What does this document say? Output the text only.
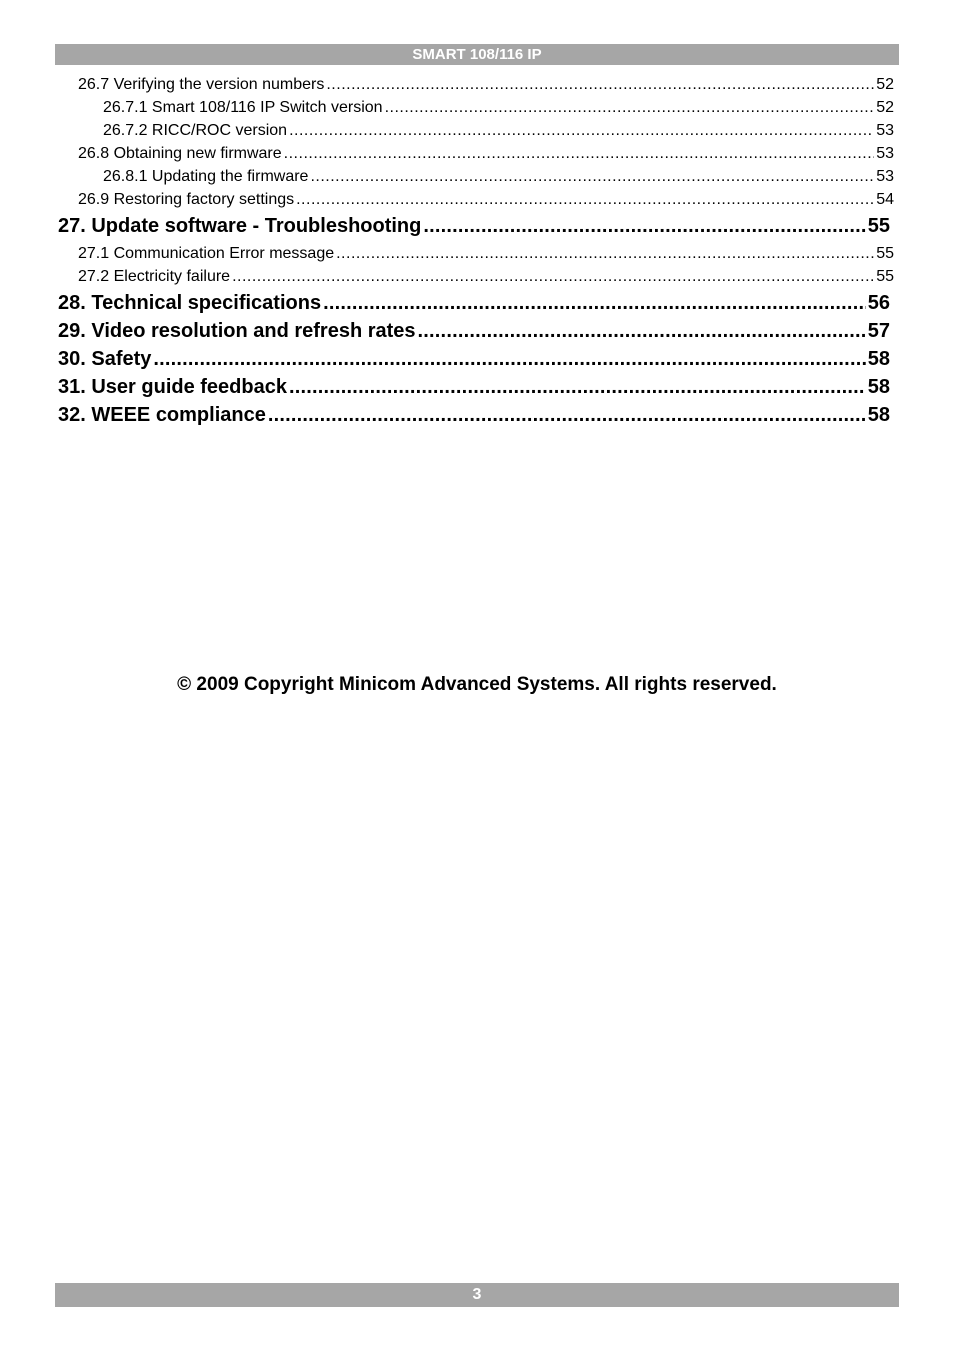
SMART 108/116 IP
26.7 Verifying the version numbers .....	52
26.7.1 Smart 108/116 IP Switch version .....	52
26.7.2 RICC/ROC version .....	53
26.8 Obtaining new firmware .....	53
26.8.1 Updating the firmware .....	53
26.9 Restoring factory settings .....	54
27. Update software - Troubleshooting .....	55
27.1 Communication Error message .....	55
27.2 Electricity failure .....	55
28. Technical specifications .....	56
29. Video resolution and refresh rates .....	57
30. Safety .....	58
31. User guide feedback .....	58
32. WEEE compliance .....	58
© 2009 Copyright Minicom Advanced Systems. All rights reserved.
3
